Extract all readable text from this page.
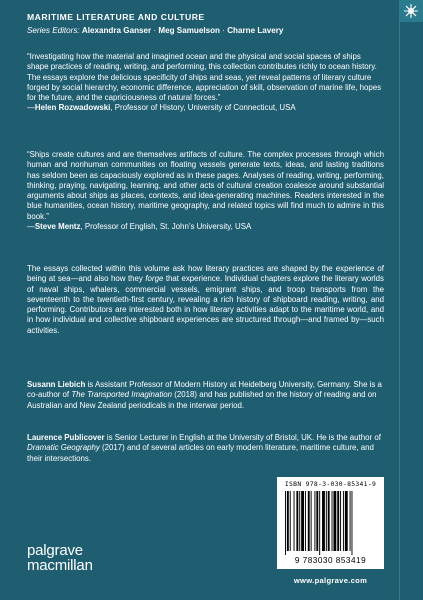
MARITIME LITERATURE AND CULTURE
Series Editors: Alexandra Ganser · Meg Samuelson · Charne Lavery

“Investigating how the material and imagined ocean and the physical and social spaces of ships shape practices of reading, writing, and performing, this collection contributes richly to ocean history. The essays explore the delicious specificity of ships and seas, yet reveal patterns of literary culture forged by social hierarchy, economic difference, appreciation of skill, observation of marine life, hopes for the future, and the capriciousness of natural forces.”

—Helen Rozwadowski, Professor of History, University of Connecticut, USA

“Ships create cultures and are themselves artifacts of culture. The complex processes through which human and nonhuman communities on floating vessels generate texts, ideas, and lasting traditions has seldom been as capaciously explored as in these pages. Analyses of reading, writing, performing, thinking, praying, navigating, learning, and other acts of cultural creation coalesce around substantial arguments about ships as places, contexts, and idea-generating machines. Readers interested in the blue humanities, ocean history, maritime geography, and related topics will find much to admire in this book.”

—Steve Mentz, Professor of English, St. John’s University, USA

The essays collected within this volume ask how literary practices are shaped by the experience of being at sea—and also how they forge that experience. Individual chapters explore the literary worlds of naval ships, whalers, commercial vessels, emigrant ships, and troop transports from the seventeenth to the twentieth-first century, revealing a rich history of shipboard reading, writing, and performing. Contributors are interested both in how literary activities adapt to the maritime world, and in how individual and collective shipboard experiences are structured through—and framed by—such activities.

Susann Liebich is Assistant Professor of Modern History at Heidelberg University, Germany. She is a co-author of The Transported Imagination (2018) and has published on the history of reading and on Australian and New Zealand periodicals in the interwar period.

Laurence Publicover is Senior Lecturer in English at the University of Bristol, UK. He is the author of Dramatic Geography (2017) and of several articles on early modern literature, maritime culture, and their intersections.

ISBN 978-3-030-85341-9
9 783030 853419
palgrave
macmillan
www.palgrave.com
